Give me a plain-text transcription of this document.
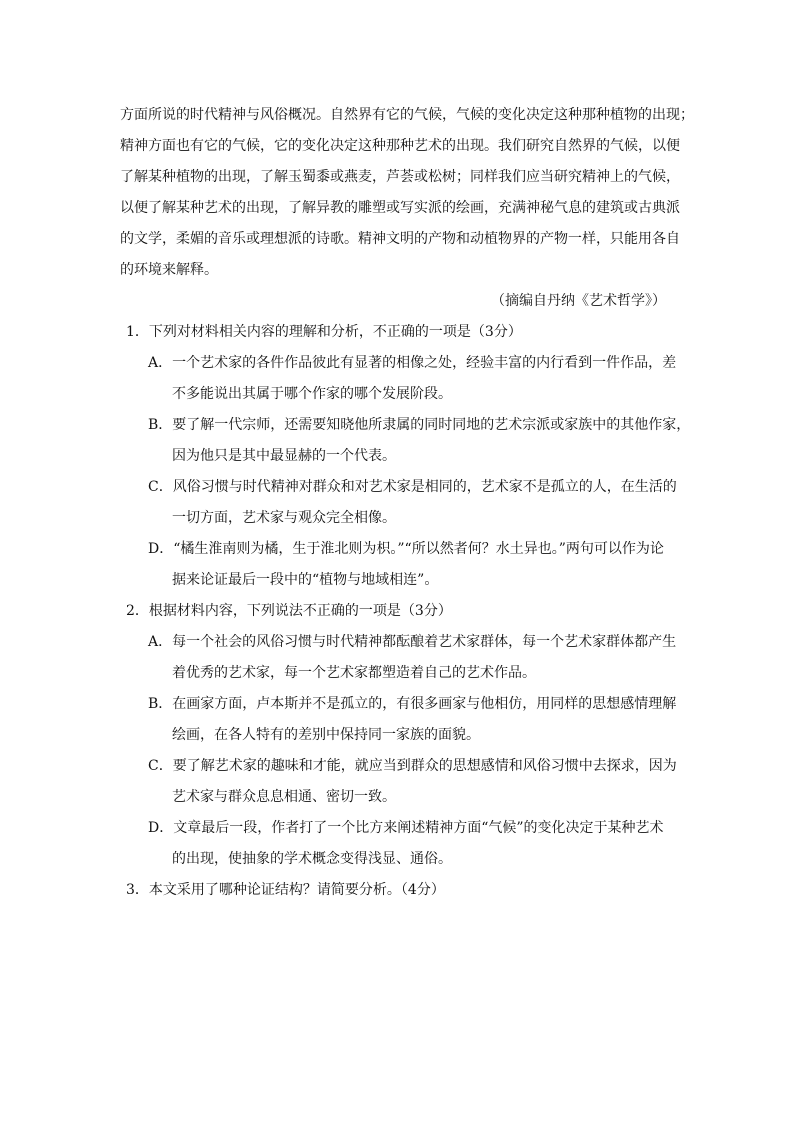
方面所说的时代精神与风俗概况。自然界有它的气候，气候的变化决定这种那种植物的出现；
精神方面也有它的气候，它的变化决定这种那种艺术的出现。我们研究自然界的气候，以便
了解某种植物的出现，了解玉蜀黍或燕麦，芦荟或松树；同样我们应当研究精神上的气候，
以便了解某种艺术的出现，了解异教的雕塑或写实派的绘画，充满神秘气息的建筑或古典派
的文学，柔媚的音乐或理想派的诗歌。精神文明的产物和动植物界的产物一样，只能用各自
的环境来解释。
（摘编自丹纳《艺术哲学》）
1．下列对材料相关内容的理解和分析，不正确的一项是（3分）
A．一个艺术家的各件作品彼此有显著的相像之处，经验丰富的内行看到一件作品，差
不多能说出其属于哪个作家的哪个发展阶段。
B．要了解一代宗师，还需要知晓他所隶属的同时同地的艺术宗派或家族中的其他作家，
因为他只是其中最显赫的一个代表。
C．风俗习惯与时代精神对群众和对艺术家是相同的，艺术家不是孤立的人，在生活的
一切方面，艺术家与观众完全相像。
D．“橘生淮南则为橘，生于淮北则为枳。”“所以然者何？水土异也。”两句可以作为论
据来论证最后一段中的“植物与地域相连”。
2．根据材料内容，下列说法不正确的一项是（3分）
A．每一个社会的风俗习惯与时代精神都酝酿着艺术家群体，每一个艺术家群体都产生
着优秀的艺术家，每一个艺术家都塑造着自己的艺术作品。
B．在画家方面，卢本斯并不是孤立的，有很多画家与他相仿，用同样的思想感情理解
绘画，在各人特有的差别中保持同一家族的面貌。
C．要了解艺术家的趣味和才能，就应当到群众的思想感情和风俗习惯中去探求，因为
艺术家与群众息息相通、密切一致。
D．文章最后一段，作者打了一个比方来阐述精神方面“气候”的变化决定于某种艺术
的出现，使抽象的学术概念变得浅显、通俗。
3．本文采用了哪种论证结构？请简要分析。（4分）
